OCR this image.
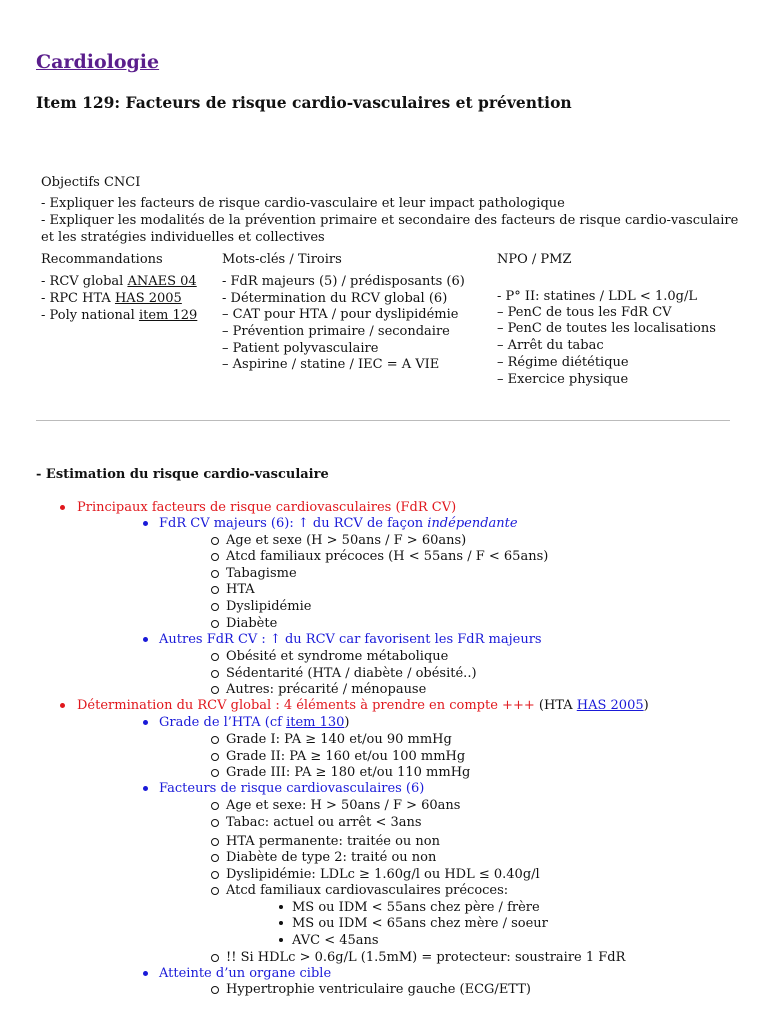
Cardiologie
Item 129: Facteurs de risque cardio-vasculaires et prévention
Objectifs CNCI
- Expliquer les facteurs de risque cardio-vasculaire et leur impact pathologique
- Expliquer les modalités de la prévention primaire et secondaire des facteurs de risque cardio-vasculaire
et les stratégies individuelles et collectives
Recommandations
- RCV global ANAES 04
- RPC HTA HAS 2005
- Poly national item 129
Mots-clés / Tiroirs
- FdR majeurs (5) / prédisposants (6)
- Détermination du RCV global (6)
– CAT pour HTA / pour dyslipidémie
– Prévention primaire / secondaire
– Patient polyvasculaire
– Aspirine / statine / IEC = A VIE
NPO / PMZ
- P° II: statines / LDL < 1.0g/L
– PenC de tous les FdR CV
– PenC de toutes les localisations
– Arrêt du tabac
– Régime diététique
– Exercice physique
- Estimation du risque cardio-vasculaire
Principaux facteurs de risque cardiovasculaires (FdR CV)
FdR CV majeurs (6): ↑ du RCV de façon indépendante
Age et sexe (H > 50ans / F > 60ans)
Atcd familiaux précoces (H < 55ans / F < 65ans)
Tabagisme
HTA
Dyslipidémie
Diabète
Autres FdR CV : ↑ du RCV car favorisent les FdR majeurs
Obésité et syndrome métabolique
Sédentarité (HTA / diabète / obésité..)
Autres: précarité / ménopause
Détermination du RCV global : 4 éléments à prendre en compte +++ (HTA HAS 2005)
Grade de l’HTA (cf item 130)
Grade I: PA ≥ 140 et/ou 90 mmHg
Grade II: PA ≥ 160 et/ou 100 mmHg
Grade III: PA ≥ 180 et/ou 110 mmHg
Facteurs de risque cardiovasculaires (6)
Age et sexe: H > 50ans / F > 60ans
Tabac: actuel ou arrêt < 3ans
HTA permanente: traitée ou non
Diabète de type 2: traité ou non
Dyslipidémie: LDLc ≥ 1.60g/l ou HDL ≤ 0.40g/l
Atcd familiaux cardiovasculaires précoces:
MS ou IDM < 55ans chez père / frère
MS ou IDM < 65ans chez mère / soeur
AVC < 45ans
!! Si HDLc > 0.6g/L (1.5mM) = protecteur: soustraire 1 FdR
Atteinte d’un organe cible
Hypertrophie ventriculaire gauche (ECG/ETT)
